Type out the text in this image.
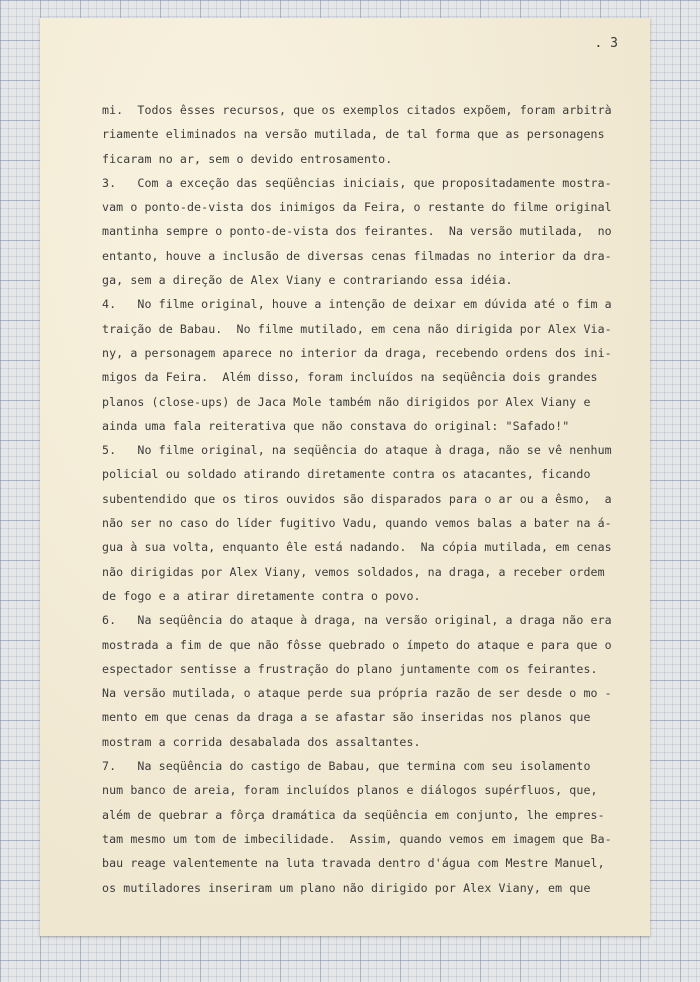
. 3
mi.  Todos êsses recursos, que os exemplos citados expõem, foram arbitrà
riamente eliminados na versão mutilada, de tal forma que as personagens
ficaram no ar, sem o devido entrosamento.
3.   Com a exceção das seqüências iniciais, que propositadamente mostra-
vam o ponto-de-vista dos inimigos da Feira, o restante do filme original
mantinha sempre o ponto-de-vista dos feirantes.  Na versão mutilada,  no
entanto, houve a inclusão de diversas cenas filmadas no interior da dra-
ga, sem a direção de Alex Viany e contrariando essa idéia.
4.   No filme original, houve a intenção de deixar em dúvida até o fim a
traição de Babau.  No filme mutilado, em cena não dirigida por Alex Via-
ny, a personagem aparece no interior da draga, recebendo ordens dos ini-
migos da Feira.  Além disso, foram incluídos na seqüência dois grandes
planos (close-ups) de Jaca Mole também não dirigidos por Alex Viany e
ainda uma fala reiterativa que não constava do original: "Safado!"
5.   No filme original, na seqüência do ataque à draga, não se vê nenhum
policial ou soldado atirando diretamente contra os atacantes, ficando
subentendido que os tiros ouvidos são disparados para o ar ou a êsmo,  a
não ser no caso do líder fugitivo Vadu, quando vemos balas a bater na á-
gua à sua volta, enquanto êle está nadando.  Na cópia mutilada, em cenas
não dirigidas por Alex Viany, vemos soldados, na draga, a receber ordem
de fogo e a atirar diretamente contra o povo.
6.   Na seqüência do ataque à draga, na versão original, a draga não era
mostrada a fim de que não fôsse quebrado o ímpeto do ataque e para que o
espectador sentisse a frustração do plano juntamente com os feirantes.
Na versão mutilada, o ataque perde sua própria razão de ser desde o mo -
mento em que cenas da draga a se afastar são inseridas nos planos que
mostram a corrida desabalada dos assaltantes.
7.   Na seqüência do castigo de Babau, que termina com seu isolamento
num banco de areia, foram incluídos planos e diálogos supérfluos, que,
além de quebrar a fôrça dramática da seqüência em conjunto, lhe empres-
tam mesmo um tom de imbecilidade.  Assim, quando vemos em imagem que Ba-
bau reage valentemente na luta travada dentro d'água com Mestre Manuel,
os mutiladores inseriram um plano não dirigido por Alex Viany, em que
